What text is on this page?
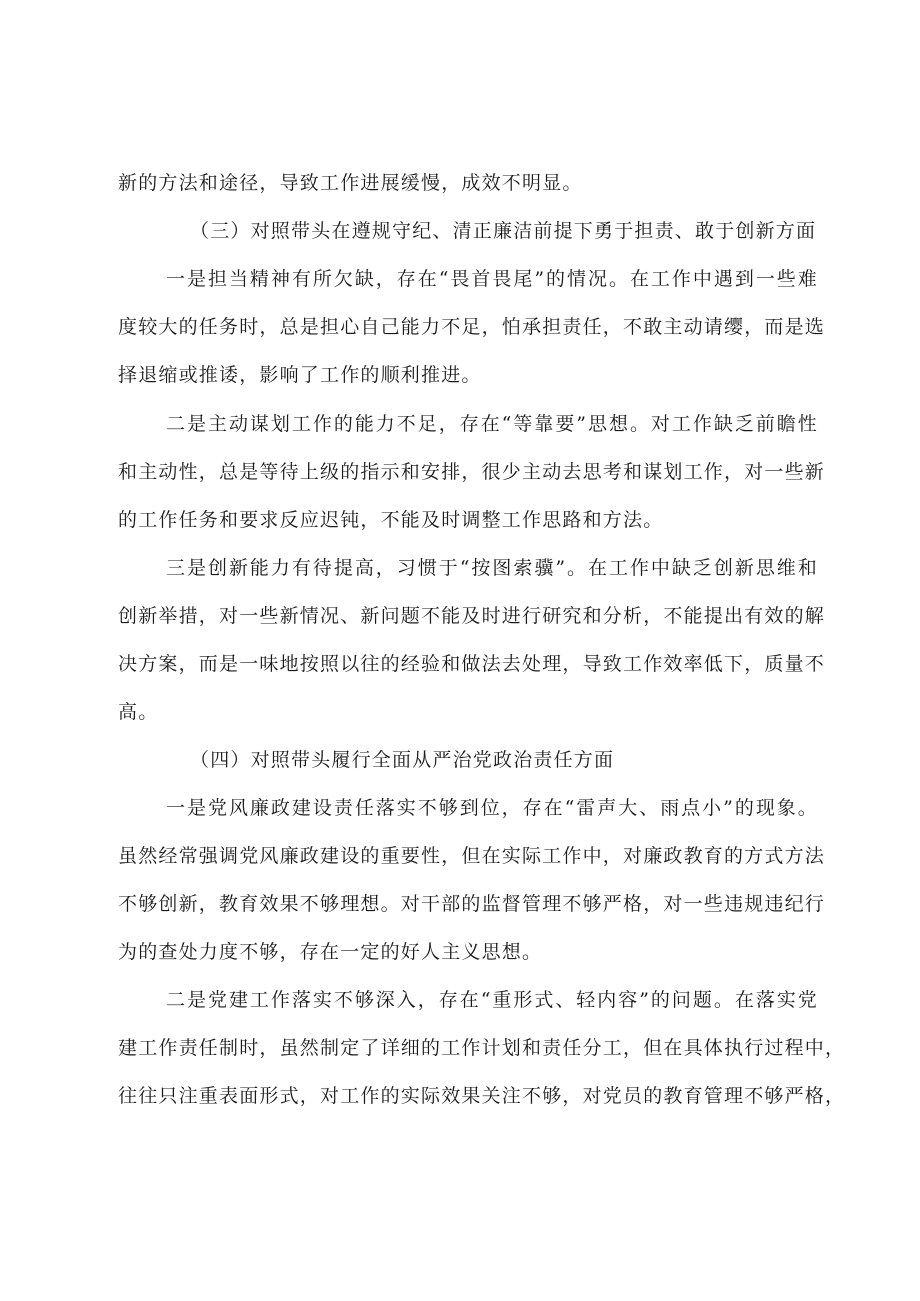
新的方法和途径，导致工作进展缓慢，成效不明显。
（三）对照带头在遵规守纪、清正廉洁前提下勇于担责、敢于创新方面
一是担当精神有所欠缺，存在“畏首畏尾”的情况。在工作中遇到一些难
度较大的任务时，总是担心自己能力不足，怕承担责任，不敢主动请缨，而是选
择退缩或推诿，影响了工作的顺利推进。
二是主动谋划工作的能力不足，存在“等靠要”思想。对工作缺乏前瞻性
和主动性，总是等待上级的指示和安排，很少主动去思考和谋划工作，对一些新
的工作任务和要求反应迟钝，不能及时调整工作思路和方法。
三是创新能力有待提高，习惯于“按图索骥”。在工作中缺乏创新思维和
创新举措，对一些新情况、新问题不能及时进行研究和分析，不能提出有效的解
决方案，而是一味地按照以往的经验和做法去处理，导致工作效率低下，质量不
高。
（四）对照带头履行全面从严治党政治责任方面
一是党风廉政建设责任落实不够到位，存在“雷声大、雨点小”的现象。
虽然经常强调党风廉政建设的重要性，但在实际工作中，对廉政教育的方式方法
不够创新，教育效果不够理想。对干部的监督管理不够严格，对一些违规违纪行
为的查处力度不够，存在一定的好人主义思想。
二是党建工作落实不够深入，存在“重形式、轻内容”的问题。在落实党
建工作责任制时，虽然制定了详细的工作计划和责任分工，但在具体执行过程中，
往往只注重表面形式，对工作的实际效果关注不够，对党员的教育管理不够严格，
